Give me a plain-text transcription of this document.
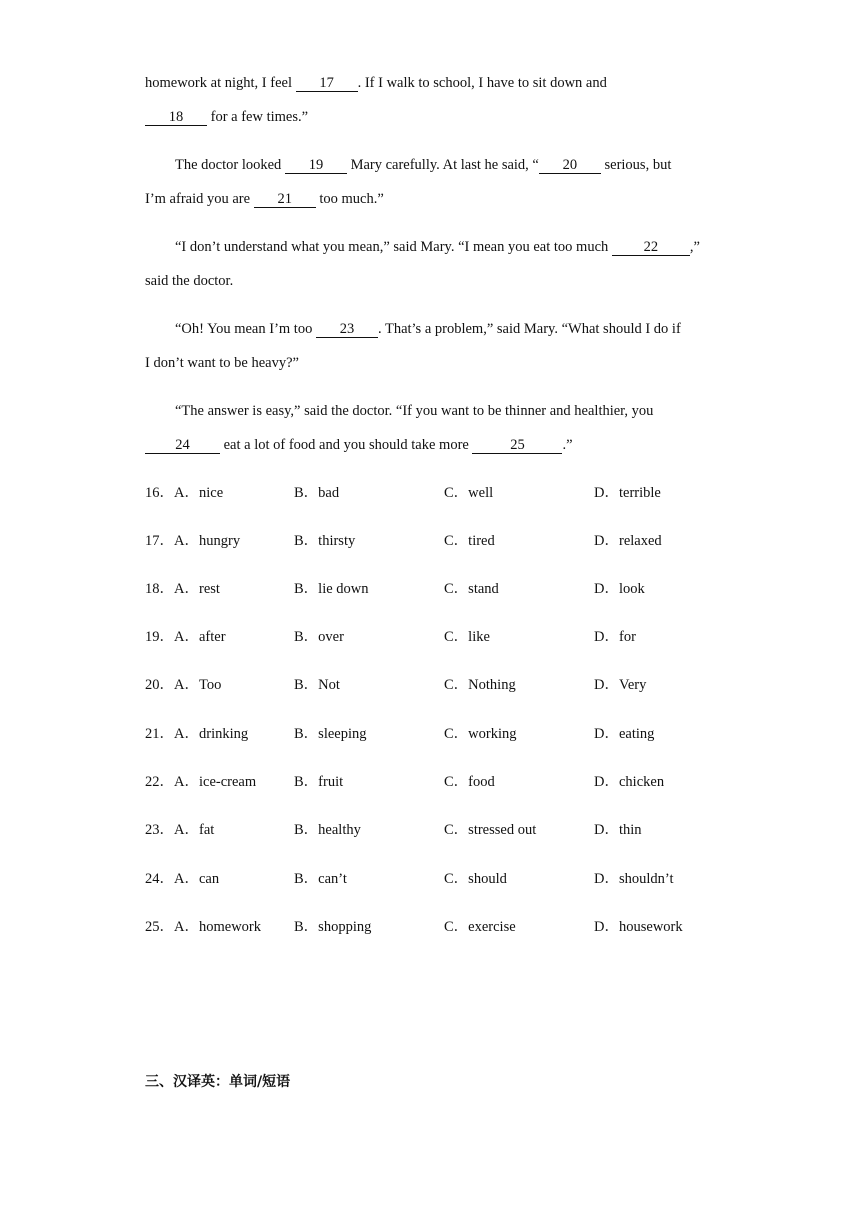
homework at night, I feel 17 . If I walk to school, I have to sit down and
18 for a few times.”
The doctor looked 19 Mary carefully. At last he said, “ 20 serious, but
I’m afraid you are 21 too much.”
“I don’t understand what you mean,” said Mary. “I mean you eat too much 22 ,”
said the doctor.
“Oh! You mean I’m too 23 . That’s a problem,” said Mary. “What should I do if
I don’t want to be heavy?”
“The answer is easy,” said the doctor. “If you want to be thinner and healthier, you
24 eat a lot of food and you should take more	25	.”
16．A．nice	B．bad	C．well	D．terrible
17．A．hungry	B．thirsty	C．tired	D．relaxed
18．A．rest	B．lie down	C．stand	D．look
19．A．after	B．over	C．like	D．for
20．A．Too	B．Not	C．Nothing	D．Very
21．A．drinking	B．sleeping	C．working	D．eating
22．A．ice-cream	B．fruit	C．food	D．chicken
23．A．fat	B．healthy	C．stressed out	D．thin
24．A．can	B．can’t	C．should	D．shouldn’t
25．A．homework B．shopping	C．exercise	D．housework
三、汉译英：单词/短语
